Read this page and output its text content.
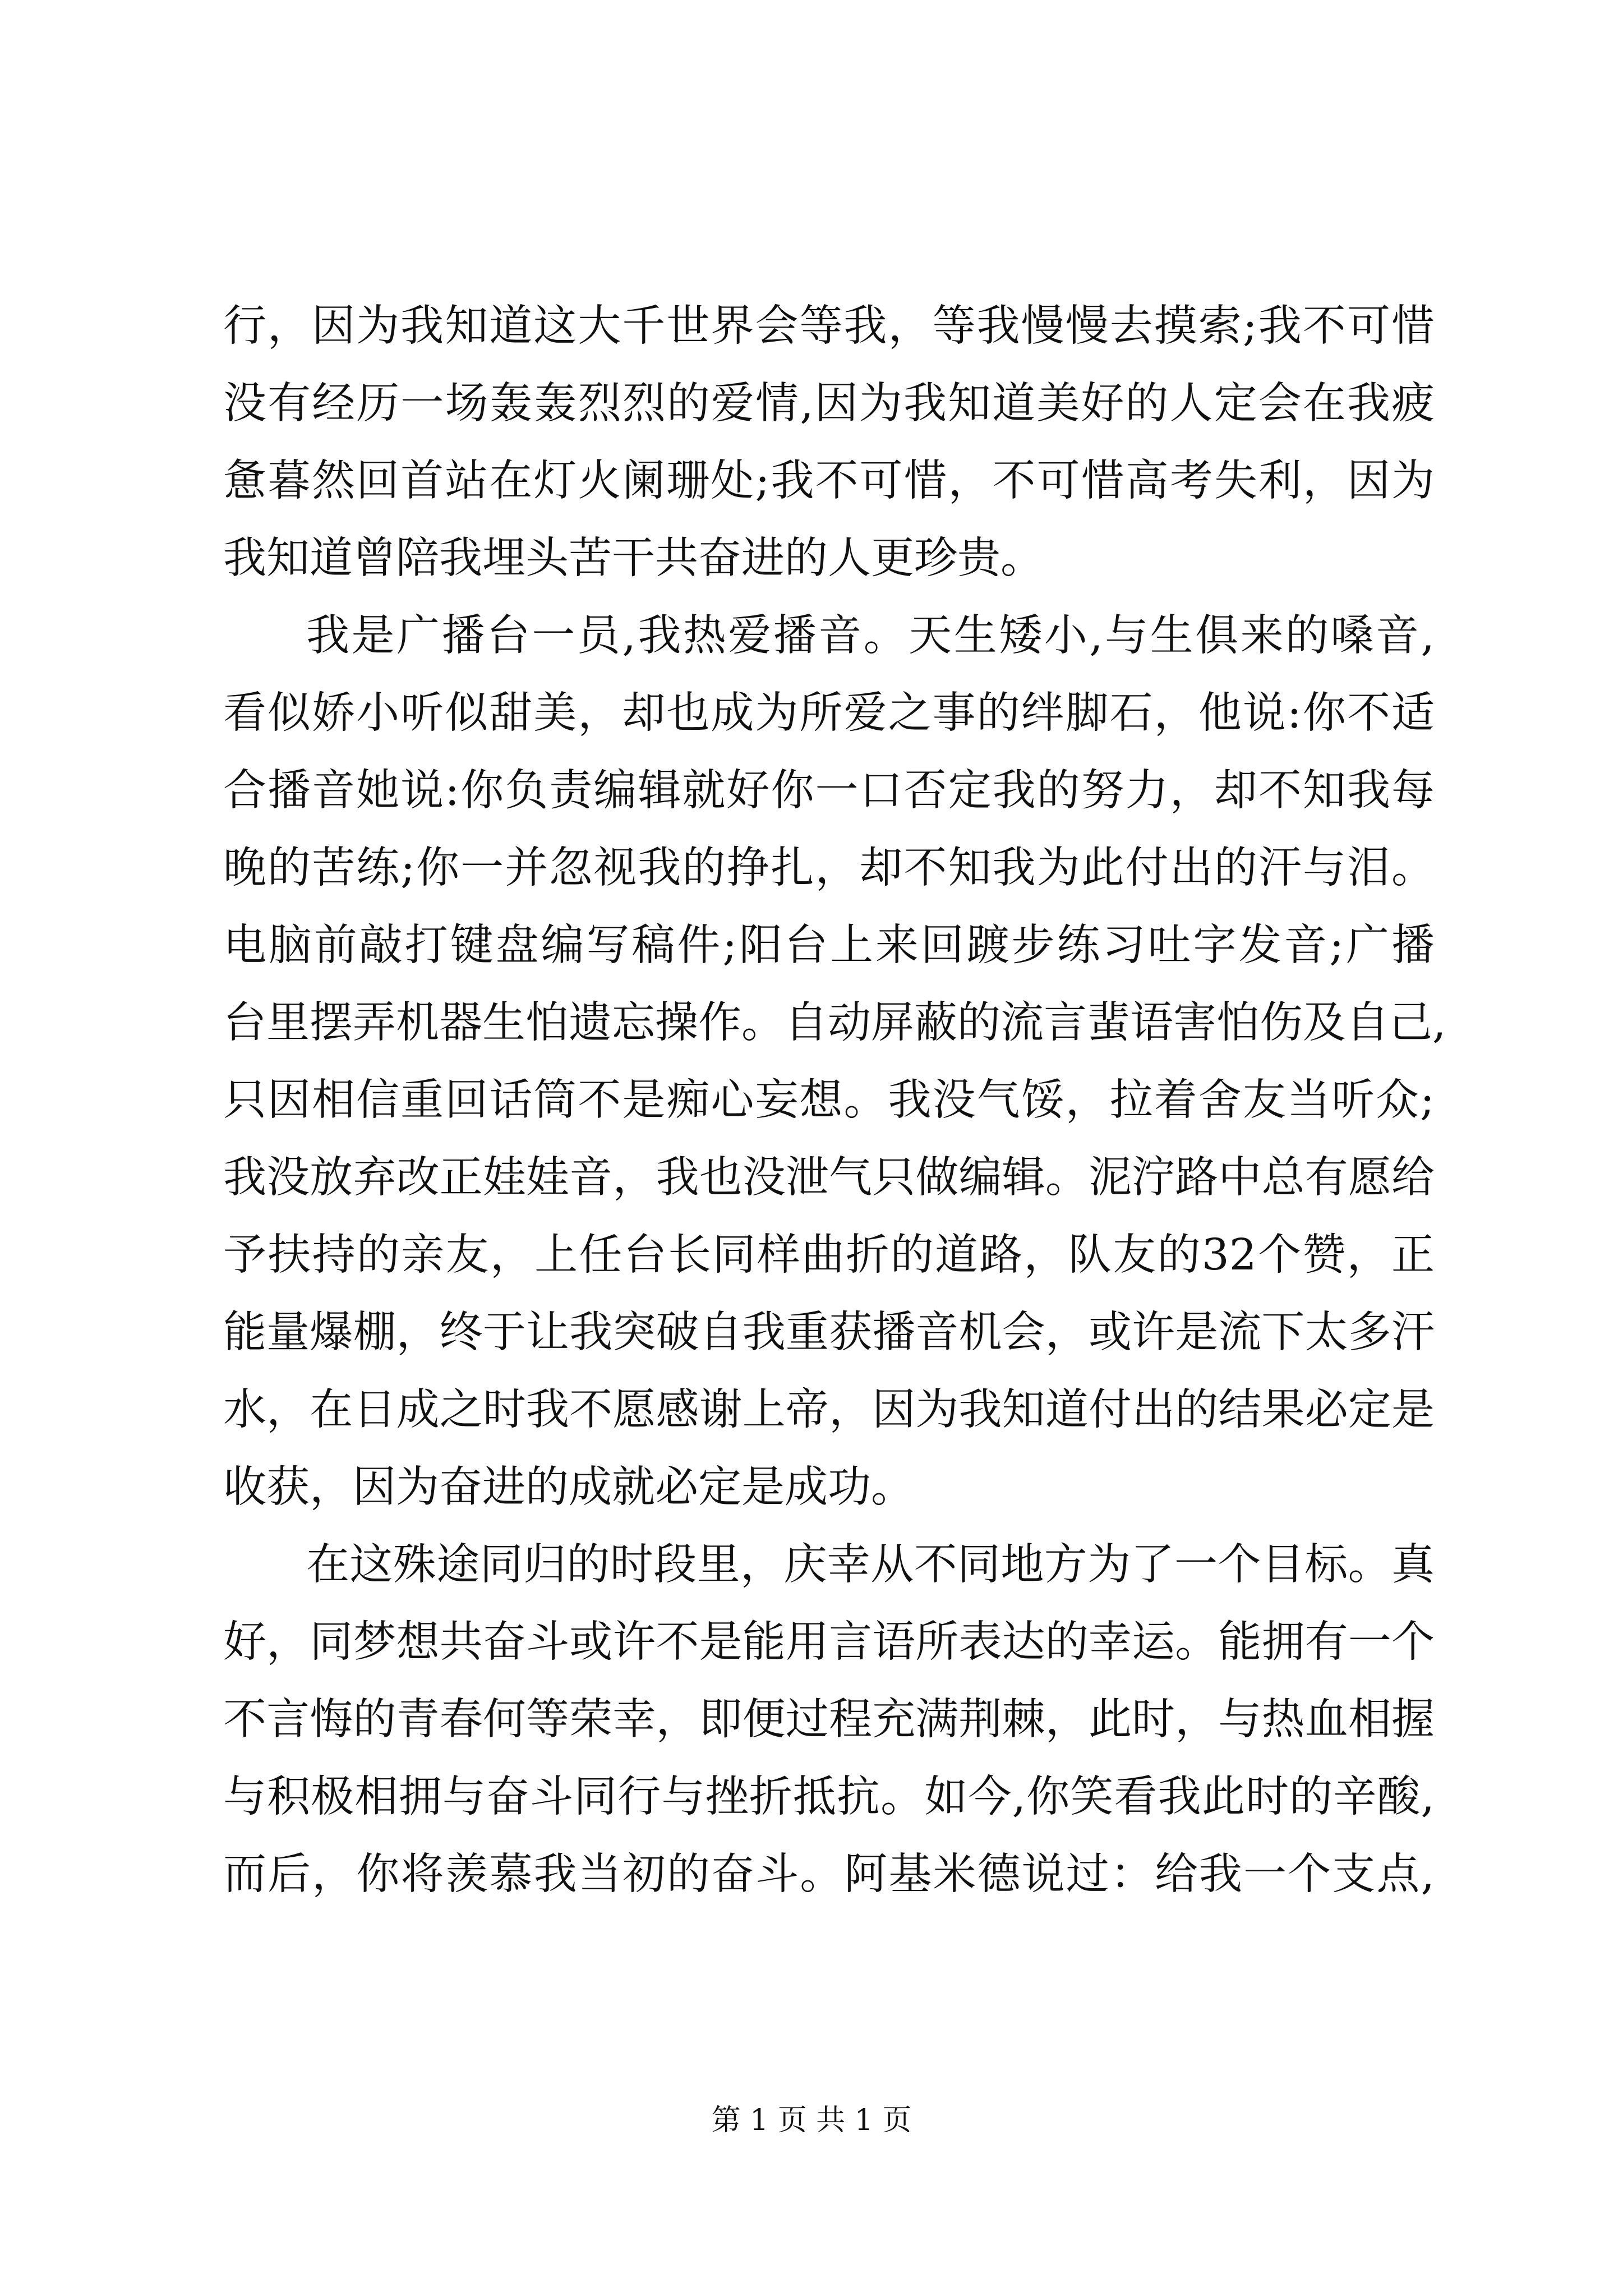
行，因为我知道这大千世界会等我，等我慢慢去摸索;我不可惜
没有经历一场轰轰烈烈的爱情,因为我知道美好的人定会在我疲
惫暮然回首站在灯火阑珊处;我不可惜，不可惜高考失利，因为
我知道曾陪我埋头苦干共奋进的人更珍贵。
我是广播台一员,我热爱播音。天生矮小,与生俱来的嗓音,
看似娇小听似甜美，却也成为所爱之事的绊脚石，他说:你不适
合播音她说:你负责编辑就好你一口否定我的努力，却不知我每
晚的苦练;你一并忽视我的挣扎，却不知我为此付出的汗与泪。
电脑前敲打键盘编写稿件;阳台上来回踱步练习吐字发音;广播
台里摆弄机器生怕遗忘操作。自动屏蔽的流言蜚语害怕伤及自己,
只因相信重回话筒不是痴心妄想。我没气馁，拉着舍友当听众;
我没放弃改正娃娃音，我也没泄气只做编辑。泥泞路中总有愿给
予扶持的亲友，上任台长同样曲折的道路，队友的32个赞，正
能量爆棚，终于让我突破自我重获播音机会，或许是流下太多汗
水，在日成之时我不愿感谢上帝，因为我知道付出的结果必定是
收获，因为奋进的成就必定是成功。
在这殊途同归的时段里，庆幸从不同地方为了一个目标。真
好，同梦想共奋斗或许不是能用言语所表达的幸运。能拥有一个
不言悔的青春何等荣幸，即便过程充满荆棘，此时，与热血相握
与积极相拥与奋斗同行与挫折抵抗。如今,你笑看我此时的辛酸,
而后，你将羡慕我当初的奋斗。阿基米德说过：给我一个支点,
第 1 页 共 1 页
